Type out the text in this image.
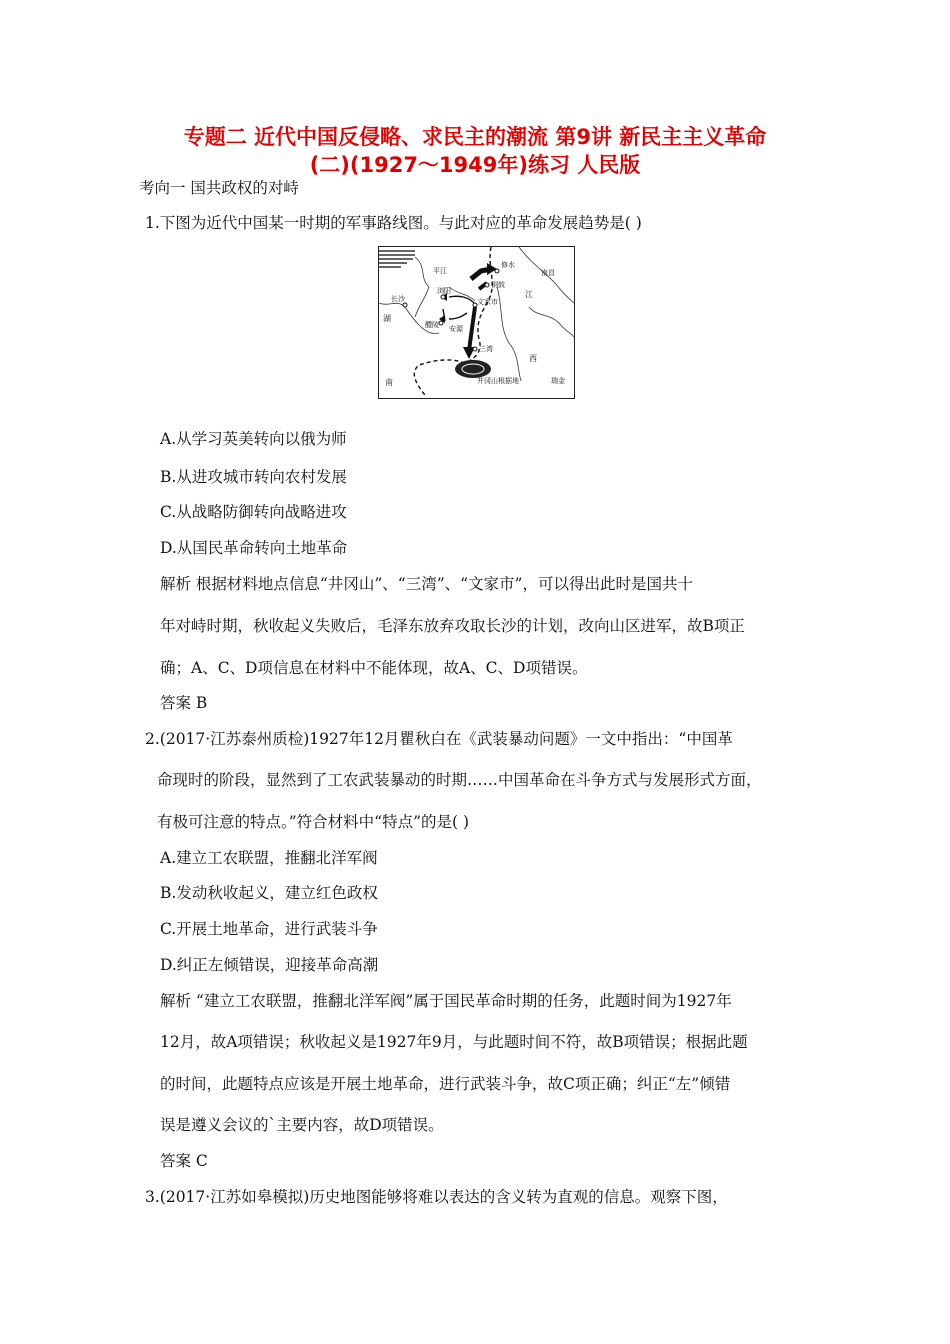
专题二 近代中国反侵略、求民主的潮流 第9讲 新民主主义革命
(二)(1927～1949年)练习 人民版
考向一 国共政权的对峙
1.下图为近代中国某一时期的军事路线图。与此对应的革命发展趋势是( )
修水
铜鼓
南昌
平江
浏阳
文家市
长沙
醴陵 安源
三湾
井冈山根据地
湖
南
江
西
瑞金
A.从学习英美转向以俄为师
B.从进攻城市转向农村发展
C.从战略防御转向战略进攻
D.从国民革命转向土地革命
解析 根据材料地点信息“井冈山”、“三湾”、“文家市”，可以得出此时是国共十
年对峙时期，秋收起义失败后，毛泽东放弃攻取长沙的计划，改向山区进军，故B项正
确；A、C、D项信息在材料中不能体现，故A、C、D项错误。
答案 B
2.(2017·江苏泰州质检)1927年12月瞿秋白在《武装暴动问题》一文中指出：“中国革
命现时的阶段，显然到了工农武装暴动的时期……中国革命在斗争方式与发展形式方面，
有极可注意的特点。”符合材料中“特点”的是( )
A.建立工农联盟，推翻北洋军阀
B.发动秋收起义，建立红色政权
C.开展土地革命，进行武装斗争
D.纠正左倾错误，迎接革命高潮
解析 “建立工农联盟，推翻北洋军阀”属于国民革命时期的任务，此题时间为1927年
12月，故A项错误；秋收起义是1927年9月，与此题时间不符，故B项错误；根据此题
的时间，此题特点应该是开展土地革命，进行武装斗争，故C项正确；纠正“左”倾错
误是遵义会议的`主要内容，故D项错误。
答案 C
3.(2017·江苏如皋模拟)历史地图能够将难以表达的含义转为直观的信息。观察下图，
